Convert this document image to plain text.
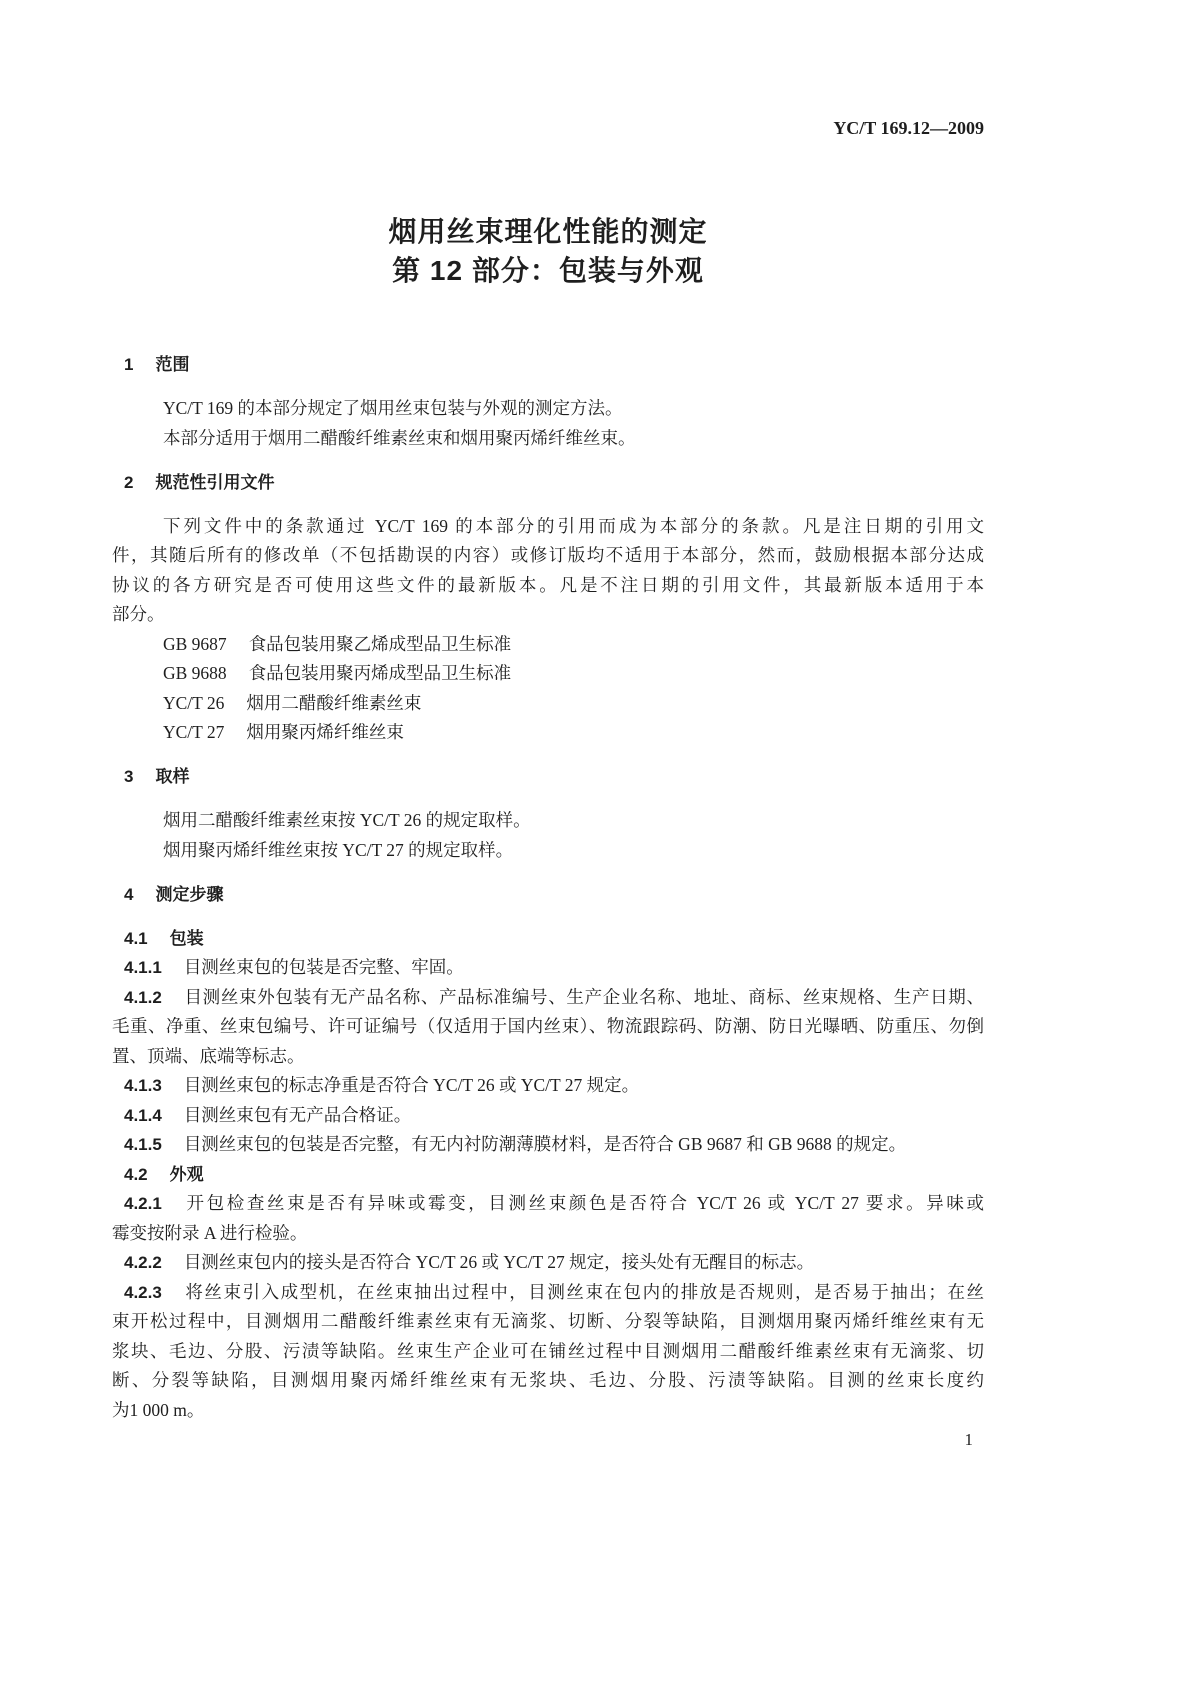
YC/T 169.12—2009
烟用丝束理化性能的测定
第 12 部分：包装与外观
1 范围
YC/T 169 的本部分规定了烟用丝束包装与外观的测定方法。
本部分适用于烟用二醋酸纤维素丝束和烟用聚丙烯纤维丝束。
2 规范性引用文件
下列文件中的条款通过 YC/T 169 的本部分的引用而成为本部分的条款。凡是注日期的引用文
件，其随后所有的修改单（不包括勘误的内容）或修订版均不适用于本部分，然而，鼓励根据本部分达成
协议的各方研究是否可使用这些文件的最新版本。凡是不注日期的引用文件，其最新版本适用于本
部分。
GB 9687 食品包装用聚乙烯成型品卫生标准
GB 9688 食品包装用聚丙烯成型品卫生标准
YC/T 26 烟用二醋酸纤维素丝束
YC/T 27 烟用聚丙烯纤维丝束
3 取样
烟用二醋酸纤维素丝束按 YC/T 26 的规定取样。
烟用聚丙烯纤维丝束按 YC/T 27 的规定取样。
4 测定步骤
4.1 包装
4.1.1 目测丝束包的包装是否完整、牢固。
4.1.2 目测丝束外包装有无产品名称、产品标准编号、生产企业名称、地址、商标、丝束规格、生产日期、
毛重、净重、丝束包编号、许可证编号（仅适用于国内丝束）、物流跟踪码、防潮、防日光曝晒、防重压、勿倒
置、顶端、底端等标志。
4.1.3 目测丝束包的标志净重是否符合 YC/T 26 或 YC/T 27 规定。
4.1.4 目测丝束包有无产品合格证。
4.1.5 目测丝束包的包装是否完整，有无内衬防潮薄膜材料，是否符合 GB 9687 和 GB 9688 的规定。
4.2 外观
4.2.1 开包检查丝束是否有异味或霉变，目测丝束颜色是否符合 YC/T 26 或 YC/T 27 要求。异味或
霉变按附录 A 进行检验。
4.2.2 目测丝束包内的接头是否符合 YC/T 26 或 YC/T 27 规定，接头处有无醒目的标志。
4.2.3 将丝束引入成型机，在丝束抽出过程中，目测丝束在包内的排放是否规则，是否易于抽出；在丝
束开松过程中，目测烟用二醋酸纤维素丝束有无滴浆、切断、分裂等缺陷，目测烟用聚丙烯纤维丝束有无
浆块、毛边、分股、污渍等缺陷。丝束生产企业可在铺丝过程中目测烟用二醋酸纤维素丝束有无滴浆、切
断、分裂等缺陷，目测烟用聚丙烯纤维丝束有无浆块、毛边、分股、污渍等缺陷。目测的丝束长度约
为1 000 m。
1
